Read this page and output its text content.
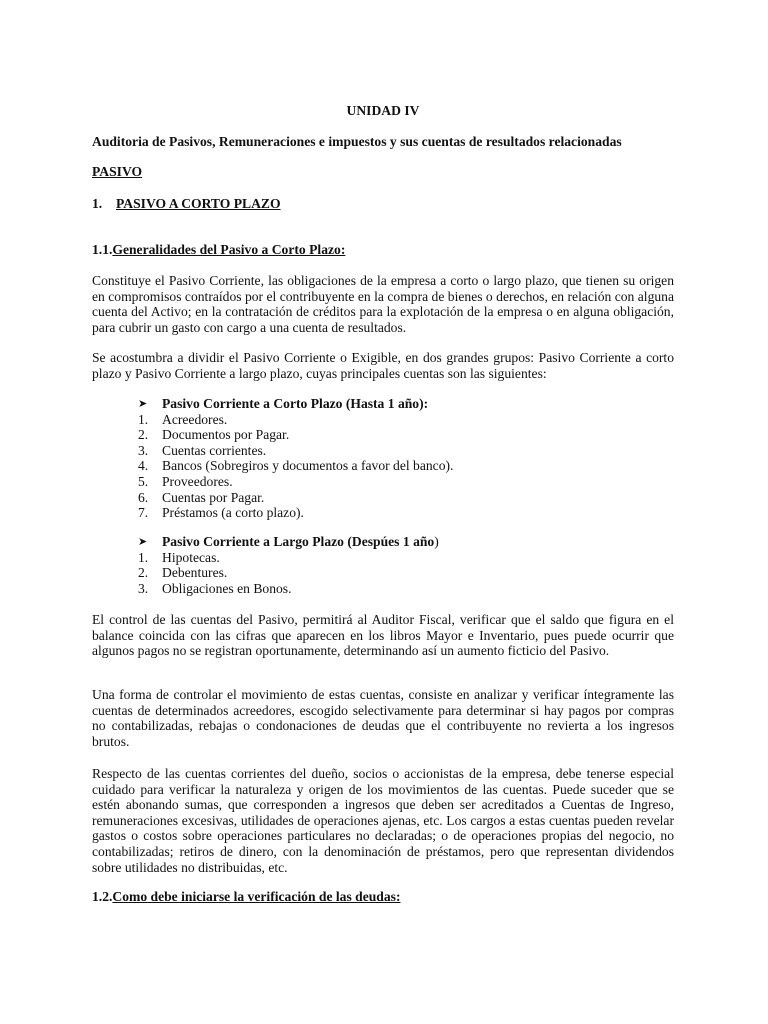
UNIDAD IV
Auditoria de Pasivos, Remuneraciones e impuestos y sus cuentas de resultados relacionadas
PASIVO
1. PASIVO A CORTO PLAZO
1.1.Generalidades del Pasivo a Corto Plazo:
Constituye el Pasivo Corriente, las obligaciones de la empresa a corto o largo plazo, que tienen su origen en compromisos contraídos por el contribuyente en la compra de bienes o derechos, en relación con alguna cuenta del Activo; en la contratación de créditos para la explotación de la empresa o en alguna obligación, para cubrir un gasto con cargo a una cuenta de resultados.
Se acostumbra a dividir el Pasivo Corriente o Exigible, en dos grandes grupos: Pasivo Corriente a corto plazo y Pasivo Corriente a largo plazo, cuyas principales cuentas son las siguientes:
➤	Pasivo Corriente a Corto Plazo (Hasta 1 año):
1.	Acreedores.
2.	Documentos por Pagar.
3.	Cuentas corrientes.
4.	Bancos (Sobregiros y documentos a favor del banco).
5.	Proveedores.
6.	Cuentas por Pagar.
7.	Préstamos (a corto plazo).
➤	Pasivo Corriente a Largo Plazo (Despúes 1 año)
1.	Hipotecas.
2.	Debentures.
3.	Obligaciones en Bonos.
El control de las cuentas del Pasivo, permitirá al Auditor Fiscal, verificar que el saldo que figura en el balance coincida con las cifras que aparecen en los libros Mayor e Inventario, pues puede ocurrir que algunos pagos no se registran oportunamente, determinando así un aumento ficticio del Pasivo.
Una forma de controlar el movimiento de estas cuentas, consiste en analizar y verificar íntegramente las cuentas de determinados acreedores, escogido selectivamente para determinar si hay pagos por compras no contabilizadas, rebajas o condonaciones de deudas que el contribuyente no revierta a los ingresos brutos.
Respecto de las cuentas corrientes del dueño, socios o accionistas de la empresa, debe tenerse especial cuidado para verificar la naturaleza y origen de los movimientos de las cuentas. Puede suceder que se estén abonando sumas, que corresponden a ingresos que deben ser acreditados a Cuentas de Ingreso, remuneraciones excesivas, utilidades de operaciones ajenas, etc. Los cargos a estas cuentas pueden revelar gastos o costos sobre operaciones particulares no declaradas; o de operaciones propias del negocio, no contabilizadas; retiros de dinero, con la denominación de préstamos, pero que representan dividendos sobre utilidades no distribuidas, etc.
1.2.Como debe iniciarse la verificación de las deudas:
